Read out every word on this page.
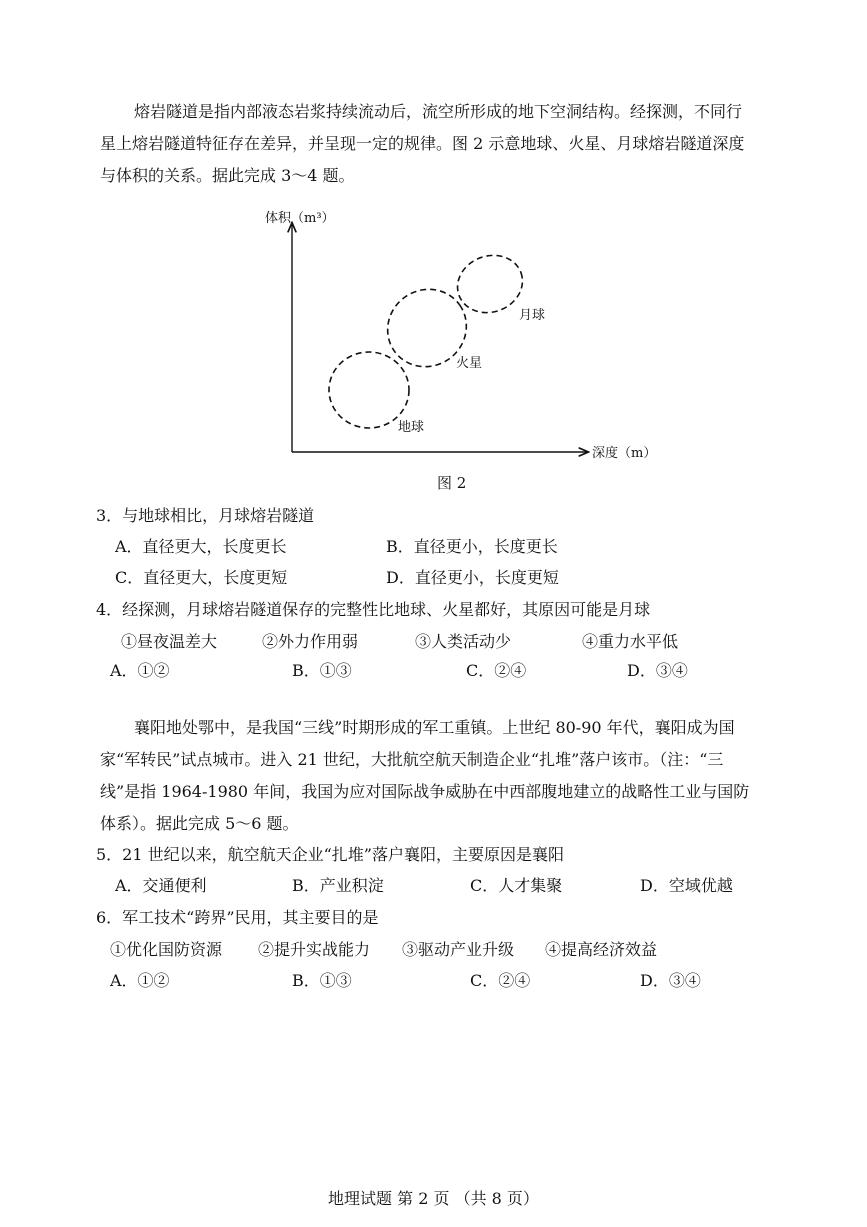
熔岩隧道是指内部液态岩浆持续流动后，流空所形成的地下空洞结构。经探测，不同行
星上熔岩隧道特征存在差异，并呈现一定的规律。图 2 示意地球、火星、月球熔岩隧道深度
与体积的关系。据此完成 3～4 题。
体积（m³）
深度（m）
月球
火星
地球
图 2
3．与地球相比，月球熔岩隧道
A．直径更大，长度更长	B．直径更小，长度更长
C．直径更大，长度更短	D．直径更小，长度更短
4．经探测，月球熔岩隧道保存的完整性比地球、火星都好，其原因可能是月球
①昼夜温差大	②外力作用弱	③人类活动少	④重力水平低
A．①②	B．①③	C．②④	D．③④
襄阳地处鄂中，是我国“三线”时期形成的军工重镇。上世纪 80-90 年代，襄阳成为国
家“军转民”试点城市。进入 21 世纪，大批航空航天制造企业“扎堆”落户该市。（注：“三
线”是指 1964-1980 年间，我国为应对国际战争威胁在中西部腹地建立的战略性工业与国防
体系）。据此完成 5～6 题。
5．21 世纪以来，航空航天企业“扎堆”落户襄阳，主要原因是襄阳
A．交通便利	B．产业积淀	C．人才集聚	D．空域优越
6．军工技术“跨界”民用，其主要目的是
①优化国防资源 ②提升实战能力 ③驱动产业升级 ④提高经济效益
A．①②	B．①③	C．②④	D．③④
地理试题 第 2 页 （共 8 页）
